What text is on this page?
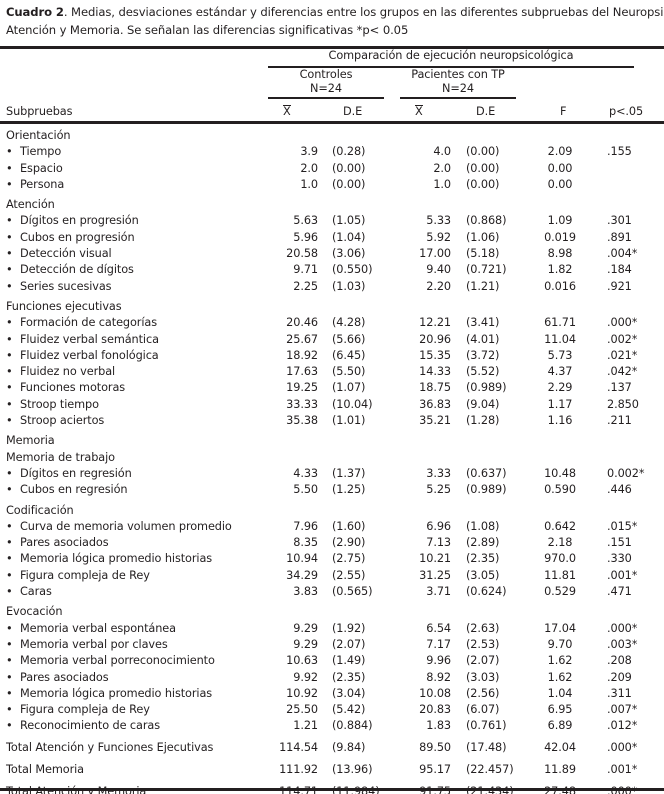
Cuadro 2. Medias, desviaciones estándar y diferencias entre los grupos en las diferentes subpruebas del Neuropsi Atención y Memoria. Se señalan las diferencias significativas *p< 0.05
Comparación de ejecución neuropsicológica
Controles
N=24
Pacientes con TP
N=24
Subpruebas	X	D.E	X	D.E	F	p<.05
Orientación
• Tiempo	3.9 (0.28)	4.0 (0.00)	2.09	.155
• Espacio	2.0 (0.00)	2.0 (0.00)	0.00
• Persona	1.0 (0.00)	1.0 (0.00)	0.00
Atención
• Dígitos en progresión	5.63 (1.05)	5.33 (0.868)	1.09	.301
• Cubos en progresión	5.96 (1.04)	5.92 (1.06)	0.019	.891
• Detección visual	20.58 (3.06)	17.00 (5.18)	8.98	.004*
• Detección de dígitos	9.71 (0.550)	9.40 (0.721)	1.82	.184
• Series sucesivas	2.25 (1.03)	2.20 (1.21)	0.016	.921
Funciones ejecutivas
• Formación de categorías	20.46 (4.28)	12.21 (3.41)	61.71	.000*
• Fluidez verbal semántica	25.67 (5.66)	20.96 (4.01)	11.04	.002*
• Fluidez verbal fonológica	18.92 (6.45)	15.35 (3.72)	5.73	.021*
• Fluidez no verbal	17.63 (5.50)	14.33 (5.52)	4.37	.042*
• Funciones motoras	19.25 (1.07)	18.75 (0.989)	2.29	.137
• Stroop tiempo	33.33 (10.04)	36.83 (9.04)	1.17	2.850
• Stroop aciertos	35.38 (1.01)	35.21 (1.28)	1.16	.211
Memoria
Memoria de trabajo
• Dígitos en regresión	4.33 (1.37)	3.33 (0.637)	10.48	0.002*
• Cubos en regresión	5.50 (1.25)	5.25 (0.989)	0.590	.446
Codificación
• Curva de memoria volumen promedio	7.96 (1.60)	6.96 (1.08)	0.642	.015*
• Pares asociados	8.35 (2.90)	7.13 (2.89)	2.18	.151
• Memoria lógica promedio historias	10.94 (2.75)	10.21 (2.35)	970.0	.330
• Figura compleja de Rey	34.29 (2.55)	31.25 (3.05)	11.81	.001*
• Caras	3.83 (0.565)	3.71 (0.624)	0.529	.471
Evocación
• Memoria verbal espontánea	9.29 (1.92)	6.54 (2.63)	17.04	.000*
• Memoria verbal por claves	9.29 (2.07)	7.17 (2.53)	9.70	.003*
• Memoria verbal porreconocimiento	10.63 (1.49)	9.96 (2.07)	1.62	.208
• Pares asociados	9.92 (2.35)	8.92 (3.03)	1.62	.209
• Memoria lógica promedio historias	10.92 (3.04)	10.08 (2.56)	1.04	.311
• Figura compleja de Rey	25.50 (5.42)	20.83 (6.07)	6.95	.007*
• Reconocimiento de caras	1.21 (0.884)	1.83 (0.761)	6.89	.012*
Total Atención y Funciones Ejecutivas	114.54 (9.84)	89.50 (17.48)	42.04	.000*
Total Memoria	111.92 (13.96)	95.17 (22.457)	11.89	.001*
